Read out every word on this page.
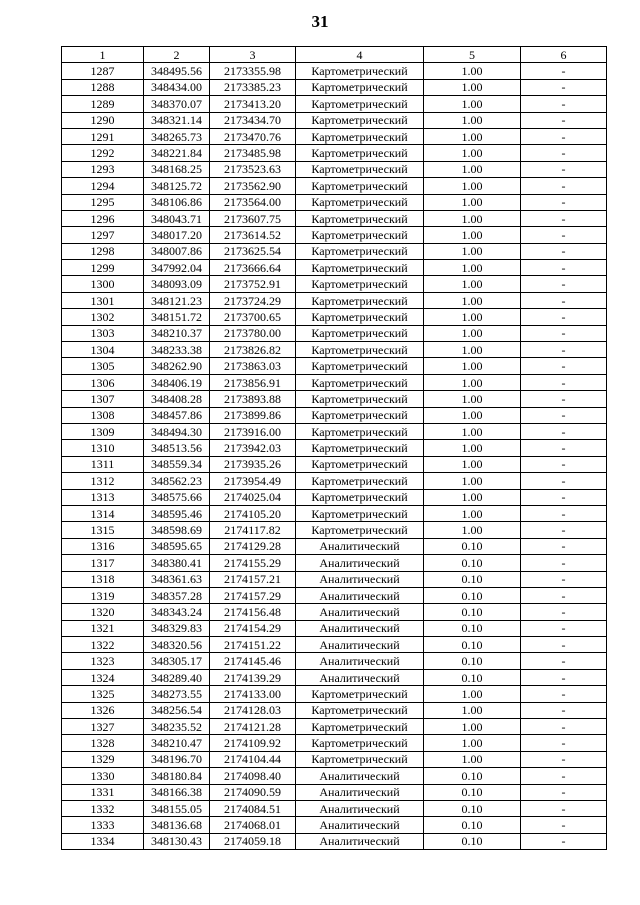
31
1	2	3	4	5	6
1287	348495.56	2173355.98	Картометрический	1.00	-
1288	348434.00	2173385.23	Картометрический	1.00	-
1289	348370.07	2173413.20	Картометрический	1.00	-
1290	348321.14	2173434.70	Картометрический	1.00	-
1291	348265.73	2173470.76	Картометрический	1.00	-
1292	348221.84	2173485.98	Картометрический	1.00	-
1293	348168.25	2173523.63	Картометрический	1.00	-
1294	348125.72	2173562.90	Картометрический	1.00	-
1295	348106.86	2173564.00	Картометрический	1.00	-
1296	348043.71	2173607.75	Картометрический	1.00	-
1297	348017.20	2173614.52	Картометрический	1.00	-
1298	348007.86	2173625.54	Картометрический	1.00	-
1299	347992.04	2173666.64	Картометрический	1.00	-
1300	348093.09	2173752.91	Картометрический	1.00	-
1301	348121.23	2173724.29	Картометрический	1.00	-
1302	348151.72	2173700.65	Картометрический	1.00	-
1303	348210.37	2173780.00	Картометрический	1.00	-
1304	348233.38	2173826.82	Картометрический	1.00	-
1305	348262.90	2173863.03	Картометрический	1.00	-
1306	348406.19	2173856.91	Картометрический	1.00	-
1307	348408.28	2173893.88	Картометрический	1.00	-
1308	348457.86	2173899.86	Картометрический	1.00	-
1309	348494.30	2173916.00	Картометрический	1.00	-
1310	348513.56	2173942.03	Картометрический	1.00	-
1311	348559.34	2173935.26	Картометрический	1.00	-
1312	348562.23	2173954.49	Картометрический	1.00	-
1313	348575.66	2174025.04	Картометрический	1.00	-
1314	348595.46	2174105.20	Картометрический	1.00	-
1315	348598.69	2174117.82	Картометрический	1.00	-
1316	348595.65	2174129.28	Аналитический	0.10	-
1317	348380.41	2174155.29	Аналитический	0.10	-
1318	348361.63	2174157.21	Аналитический	0.10	-
1319	348357.28	2174157.29	Аналитический	0.10	-
1320	348343.24	2174156.48	Аналитический	0.10	-
1321	348329.83	2174154.29	Аналитический	0.10	-
1322	348320.56	2174151.22	Аналитический	0.10	-
1323	348305.17	2174145.46	Аналитический	0.10	-
1324	348289.40	2174139.29	Аналитический	0.10	-
1325	348273.55	2174133.00	Картометрический	1.00	-
1326	348256.54	2174128.03	Картометрический	1.00	-
1327	348235.52	2174121.28	Картометрический	1.00	-
1328	348210.47	2174109.92	Картометрический	1.00	-
1329	348196.70	2174104.44	Картометрический	1.00	-
1330	348180.84	2174098.40	Аналитический	0.10	-
1331	348166.38	2174090.59	Аналитический	0.10	-
1332	348155.05	2174084.51	Аналитический	0.10	-
1333	348136.68	2174068.01	Аналитический	0.10	-
1334	348130.43	2174059.18	Аналитический	0.10	-
